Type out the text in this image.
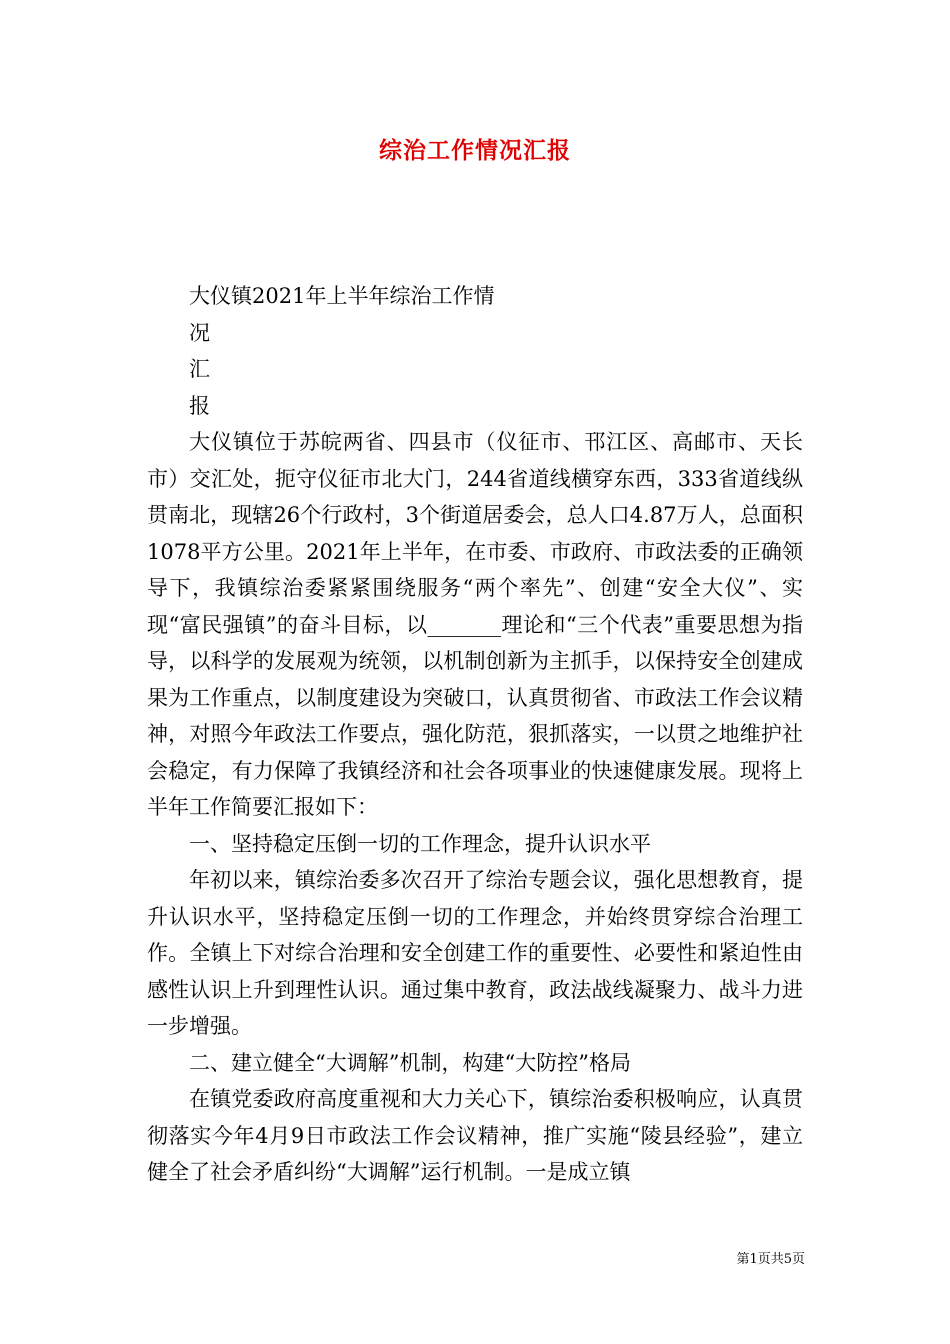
综治工作情况汇报

大仪镇2021年上半年综治工作情

况

汇

报

大仪镇位于苏皖两省、四县市（仪征市、邗江区、高邮市、天长市）交汇处，扼守仪征市北大门，244省道线横穿东西，333省道线纵贯南北，现辖26个行政村，3个街道居委会，总人口4.87万人，总面积1078平方公里。2021年上半年，在市委、市政府、市政法委的正确领导下，我镇综治委紧紧围绕服务“两个率先”、创建“安全大仪”、实现“富民强镇”的奋斗目标，以_______理论和“三个代表”重要思想为指导，以科学的发展观为统领，以机制创新为主抓手，以保持安全创建成果为工作重点，以制度建设为突破口，认真贯彻省、市政法工作会议精神，对照今年政法工作要点，强化防范，狠抓落实，一以贯之地维护社会稳定，有力保障了我镇经济和社会各项事业的快速健康发展。现将上半年工作简要汇报如下：

一、坚持稳定压倒一切的工作理念，提升认识水平

年初以来，镇综治委多次召开了综治专题会议，强化思想教育，提升认识水平，坚持稳定压倒一切的工作理念，并始终贯穿综合治理工作。全镇上下对综合治理和安全创建工作的重要性、必要性和紧迫性由感性认识上升到理性认识。通过集中教育，政法战线凝聚力、战斗力进一步增强。

二、建立健全“大调解”机制，构建“大防控”格局

在镇党委政府高度重视和大力关心下，镇综治委积极响应，认真贯彻落实今年4月9日市政法工作会议精神，推广实施“陵县经验”，建立健全了社会矛盾纠纷“大调解”运行机制。一是成立镇

第1页共5页
